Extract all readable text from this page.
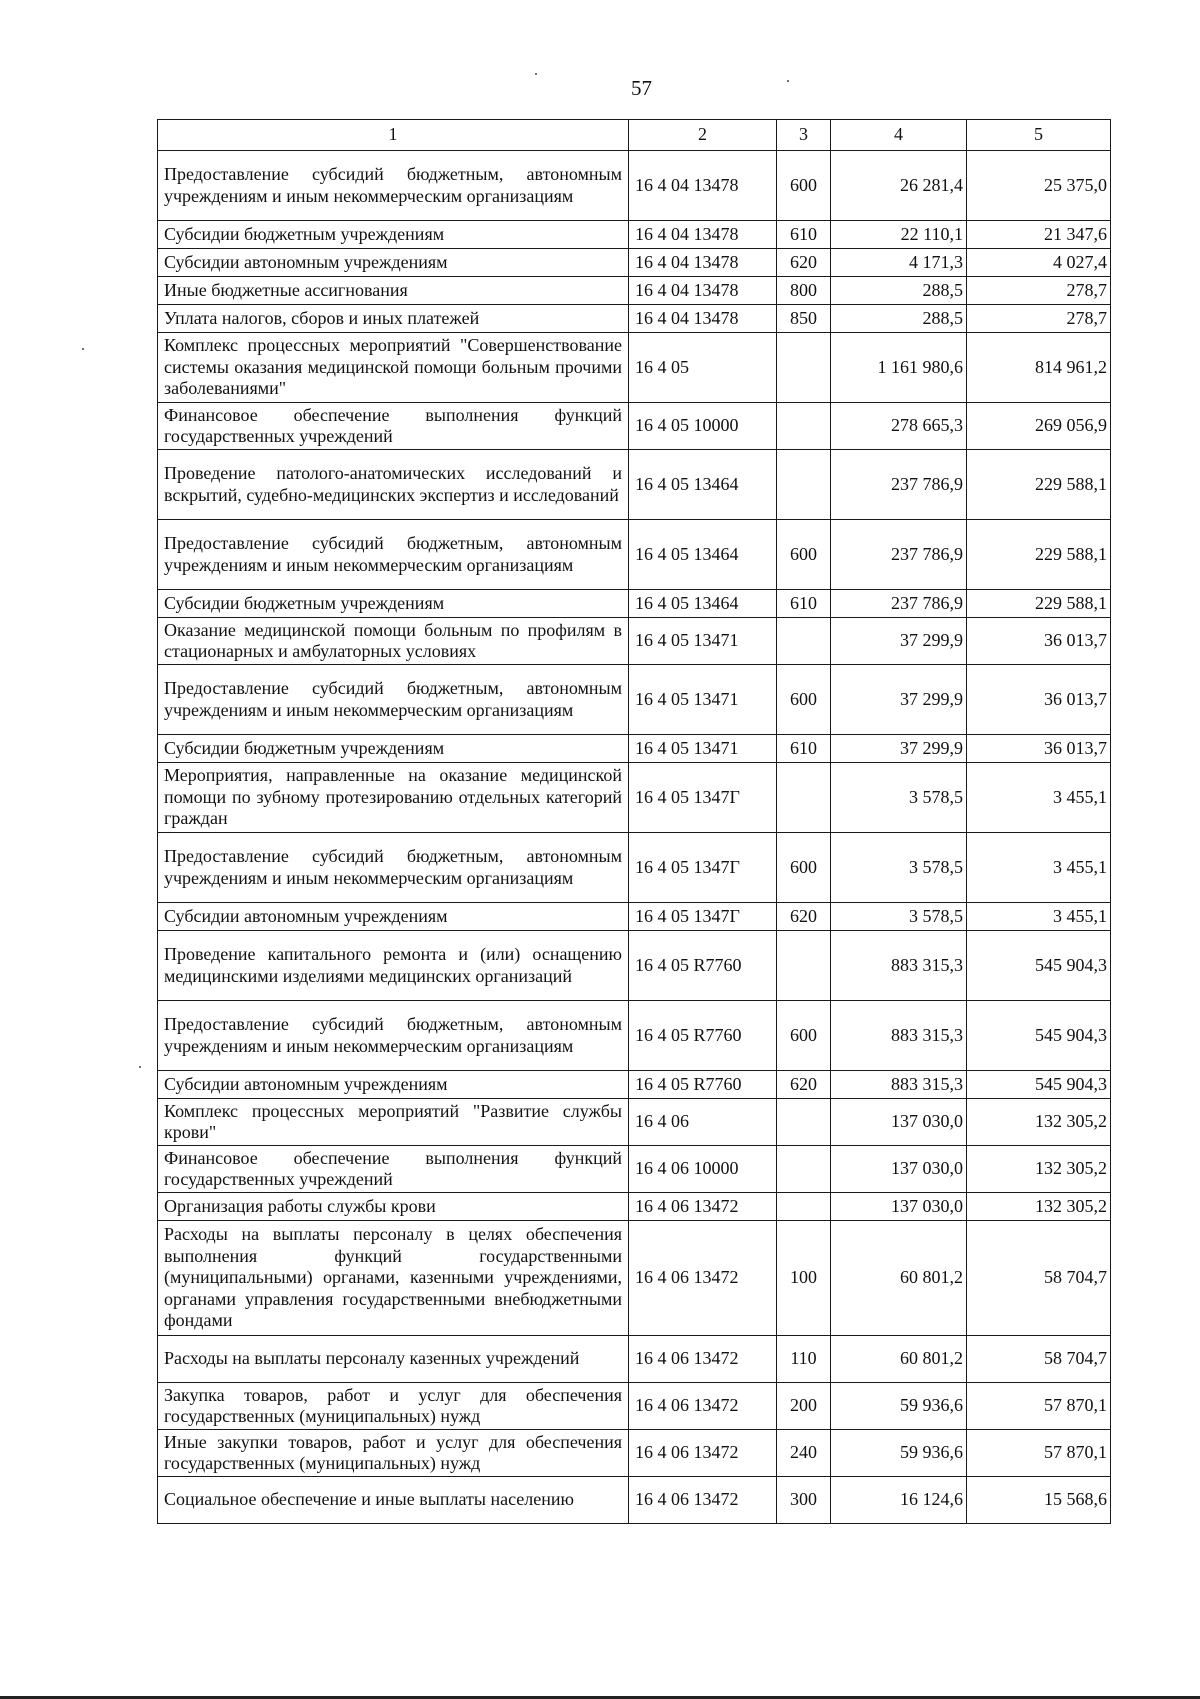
57
1	2	3	4	5
Предоставление субсидий бюджетным, автономным учреждениям и иным некоммерческим организациям	16 4 04 13478	600	26 281,4	25 375,0
Субсидии бюджетным учреждениям	16 4 04 13478	610	22 110,1	21 347,6
Субсидии автономным учреждениям	16 4 04 13478	620	4 171,3	4 027,4
Иные бюджетные ассигнования	16 4 04 13478	800	288,5	278,7
Уплата налогов, сборов и иных платежей	16 4 04 13478	850	288,5	278,7
Комплекс процессных мероприятий "Совершенствование системы оказания медицинской помощи больным прочими заболеваниями"	16 4 05		1 161 980,6	814 961,2
Финансовое обеспечение выполнения функций государственных учреждений	16 4 05 10000		278 665,3	269 056,9
Проведение патолого-анатомических исследований и вскрытий, судебно-медицинских экспертиз и исследований	16 4 05 13464		237 786,9	229 588,1
Предоставление субсидий бюджетным, автономным учреждениям и иным некоммерческим организациям	16 4 05 13464	600	237 786,9	229 588,1
Субсидии бюджетным учреждениям	16 4 05 13464	610	237 786,9	229 588,1
Оказание медицинской помощи больным по профилям в стационарных и амбулаторных условиях	16 4 05 13471		37 299,9	36 013,7
Предоставление субсидий бюджетным, автономным учреждениям и иным некоммерческим организациям	16 4 05 13471	600	37 299,9	36 013,7
Субсидии бюджетным учреждениям	16 4 05 13471	610	37 299,9	36 013,7
Мероприятия, направленные на оказание медицинской помощи по зубному протезированию отдельных категорий граждан	16 4 05 1347Г		3 578,5	3 455,1
Предоставление субсидий бюджетным, автономным учреждениям и иным некоммерческим организациям	16 4 05 1347Г	600	3 578,5	3 455,1
Субсидии автономным учреждениям	16 4 05 1347Г	620	3 578,5	3 455,1
Проведение капитального ремонта и (или) оснащению медицинскими изделиями медицинских организаций	16 4 05 R7760		883 315,3	545 904,3
Предоставление субсидий бюджетным, автономным учреждениям и иным некоммерческим организациям	16 4 05 R7760	600	883 315,3	545 904,3
Субсидии автономным учреждениям	16 4 05 R7760	620	883 315,3	545 904,3
Комплекс процессных мероприятий "Развитие службы крови"	16 4 06		137 030,0	132 305,2
Финансовое обеспечение выполнения функций государственных учреждений	16 4 06 10000		137 030,0	132 305,2
Организация работы службы крови	16 4 06 13472		137 030,0	132 305,2
Расходы на выплаты персоналу в целях обеспечения выполнения функций государственными (муниципальными) органами, казенными учреждениями, органами управления государственными внебюджетными фондами	16 4 06 13472	100	60 801,2	58 704,7
Расходы на выплаты персоналу казенных учреждений	16 4 06 13472	110	60 801,2	58 704,7
Закупка товаров, работ и услуг для обеспечения государственных (муниципальных) нужд	16 4 06 13472	200	59 936,6	57 870,1
Иные закупки товаров, работ и услуг для обеспечения государственных (муниципальных) нужд	16 4 06 13472	240	59 936,6	57 870,1
Социальное обеспечение и иные выплаты населению	16 4 06 13472	300	16 124,6	15 568,6
